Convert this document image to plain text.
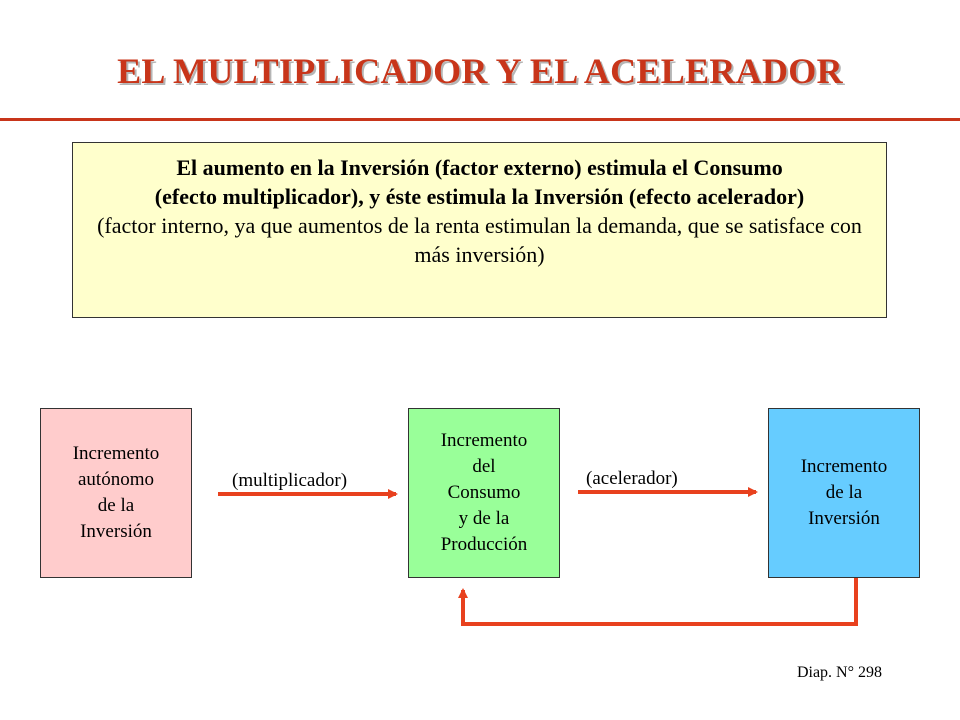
EL MULTIPLICADOR Y EL ACELERADOR
El aumento en la Inversión (factor externo) estimula el Consumo
(efecto multiplicador), y éste estimula la Inversión (efecto acelerador)
(factor interno, ya que aumentos de la renta estimulan la demanda, que se satisface con más inversión)
Incremento
autónomo
de la
Inversión
Incremento
del
Consumo
y de la
Producción
Incremento
de la
Inversión
(multiplicador)	(acelerador)
Diap. N° 298
